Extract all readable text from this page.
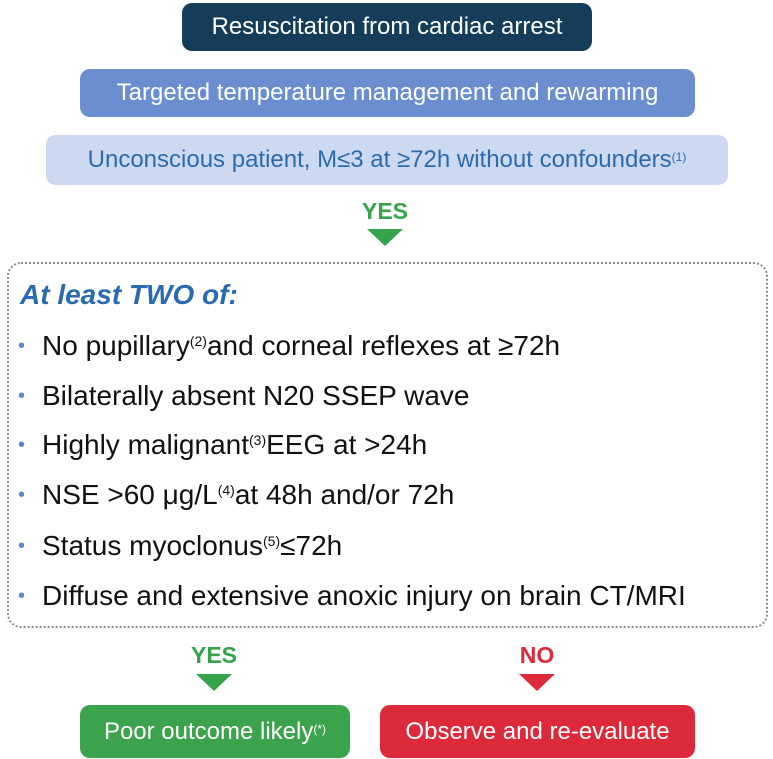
Resuscitation from cardiac arrest
Targeted temperature management and rewarming
Unconscious patient, M≤3 at ≥72h without confounders$^{(1)}$
YES
At least TWO of:
• No pupillary$^{(2)}$ and corneal reflexes at ≥72h
• Bilaterally absent N20 SSEP wave
• Highly malignant$^{(3)}$ EEG at >24h
• NSE >60 $\mu g/L^{(4)}$ at 48h and/or 72h
• Status myoclonus$^{(5)}$ ≤72h
• Diffuse and extensive anoxic injury on brain CT/MRI
YES	NO
Poor outcome likely(*)	Observe and re-evaluate
